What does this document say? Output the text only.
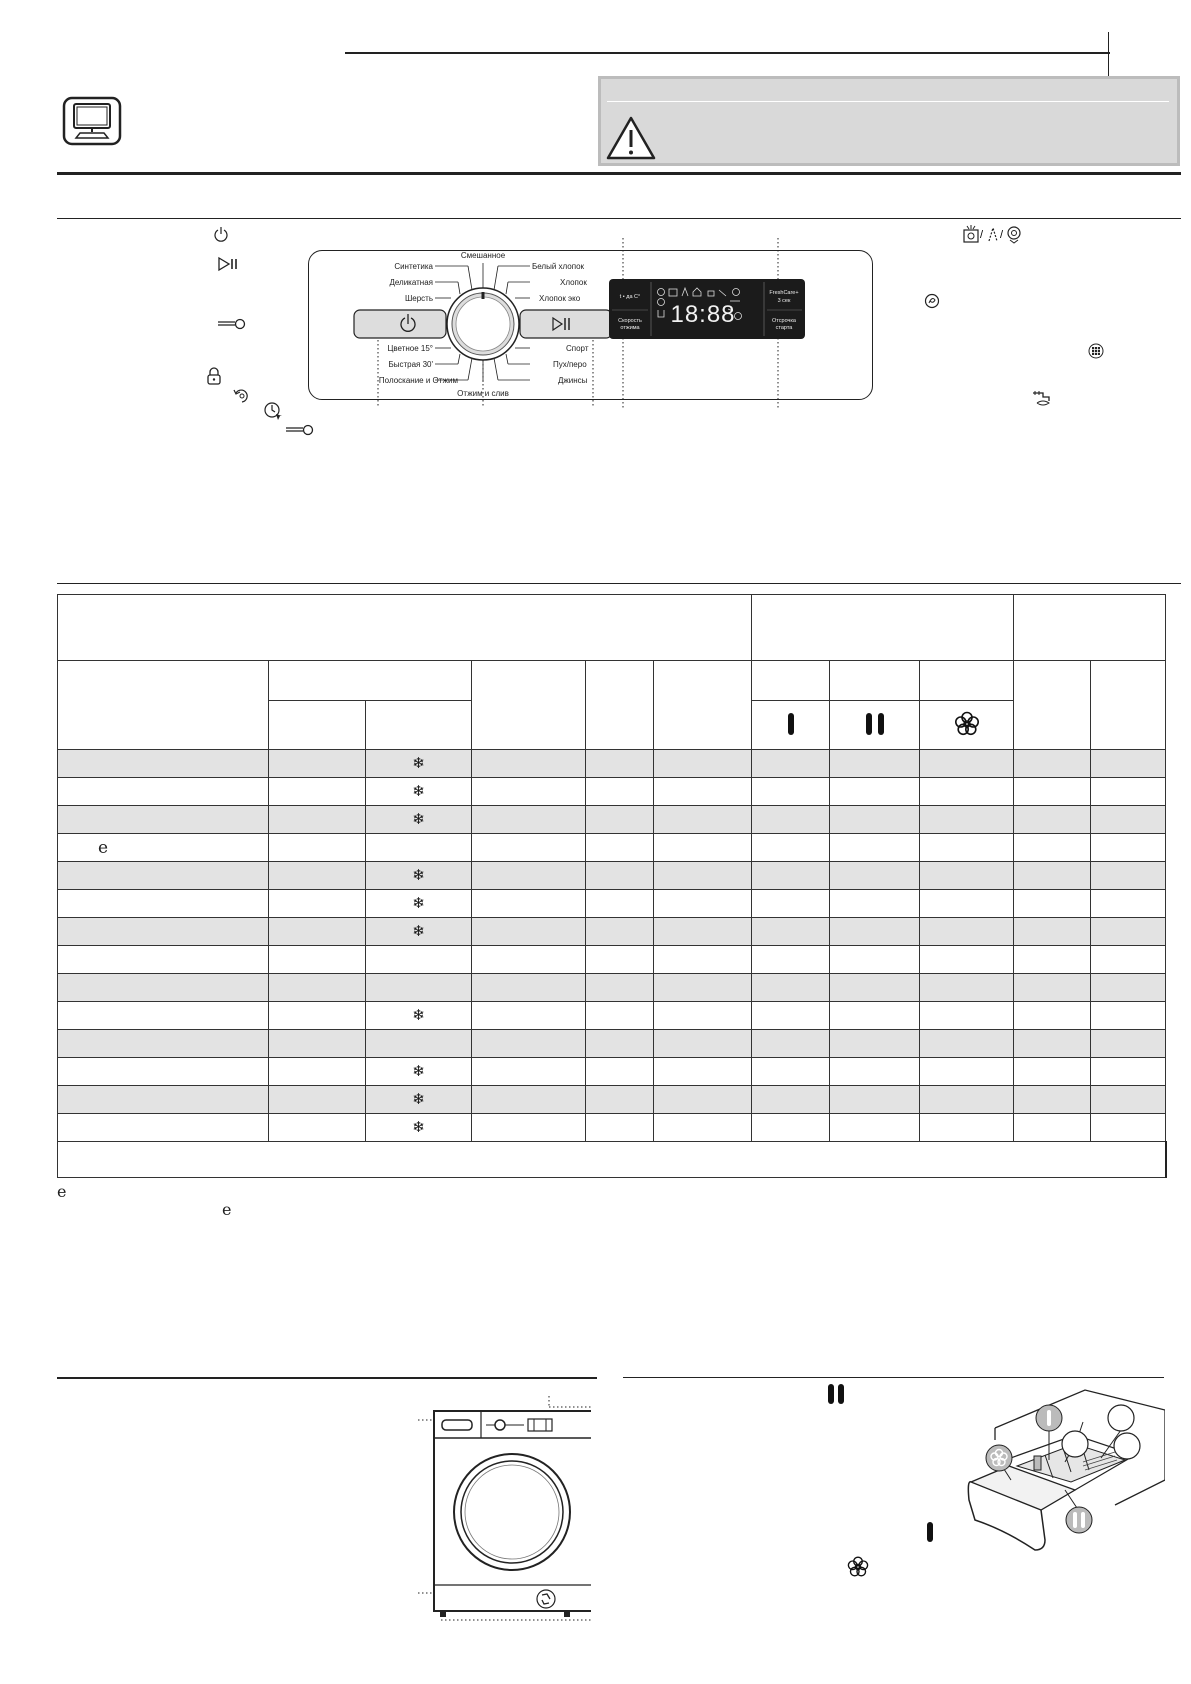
/ /
Синтетика
Деликатная
Шерсть
Цветное 15°
Быстрая 30'
Полоскание и Отжим
Белый хлопок
Хлопок
Хлопок эко
Спорт
Пух/перо
Джинсы
Смешанное
Отжим и слив
t • да C°
Скорость
отжима
FreshCare+
3 сек
Отсрочка
старта
18:88

		❄								
		❄								
		❄								
e										
		❄								
		❄								
		❄								

		❄								

		❄								
		❄								
		❄								

e
e
